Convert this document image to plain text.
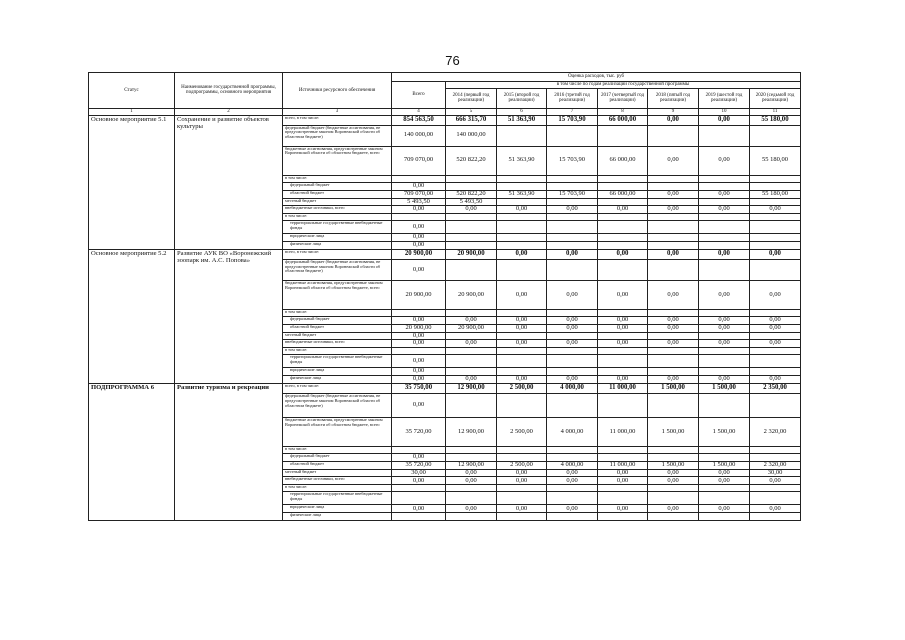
76
Статус	Наименование государственной программы, подпрограммы, основного мероприятия	Источники ресурсного обеспечения	Оценка расходов, тыс. руб							
			Всего	в том числе по годам реализации государственной программы						
				2014 (первый год реализации)	2015 (второй год реализации)	2016 (третий год реализации)	2017 (четвертый год реализации)	2018 (пятый год реализации)	2019 (шестой год реализации)	2020 (седьмой год реализации)
1	2	3	4	5	6	7	8	9	10	11
Основное мероприятие 5.1	Сохранение и развитие объектов культуры	всего, в том числе:	854 563,50	666 315,70	51 363,90	15 703,90	66 000,00	0,00	0,00	55 180,00
		федеральный бюджет (бюджетные ассигнования, не предусмотренные законом Воронежской области об областном бюджете)	140 000,00	140 000,00						
		бюджетные ассигнования, предусмотренные законом Воронежской области об областном бюджете, всего	709 070,00	520 822,20	51 363,90	15 703,90	66 000,00	0,00	0,00	55 180,00
		в том числе:								
		федеральный бюджет	0,00							
		областной бюджет	709 070,00	520 822,20	51 363,90	15 703,90	66 000,00	0,00	0,00	55 180,00
		местный бюджет	5 493,50	5 493,50						
		внебюджетные источники, всего	0,00	0,00	0,00	0,00	0,00	0,00	0,00	0,00
		в том числе:								
		территориальные государственные внебюджетные фонды	0,00							
		юридические лица	0,00							
		физические лица	0,00							
Основное мероприятие 5.2	Развитие АУК ВО «Воронежский зоопарк им. А.С. Попова»	всего, в том числе:	20 900,00	20 900,00	0,00	0,00	0,00	0,00	0,00	0,00
		федеральный бюджет (бюджетные ассигнования, не предусмотренные законом Воронежской области об областном бюджете)	0,00							
		бюджетные ассигнования, предусмотренные законом Воронежской области об областном бюджете, всего	20 900,00	20 900,00	0,00	0,00	0,00	0,00	0,00	0,00
		в том числе:								
		федеральный бюджет	0,00	0,00	0,00	0,00	0,00	0,00	0,00	0,00
		областной бюджет	20 900,00	20 900,00	0,00	0,00	0,00	0,00	0,00	0,00
		местный бюджет	0,00							
		внебюджетные источники, всего	0,00	0,00	0,00	0,00	0,00	0,00	0,00	0,00
		в том числе:								
		территориальные государственные внебюджетные фонды	0,00							
		юридические лица	0,00							
		физические лица	0,00	0,00	0,00	0,00	0,00	0,00	0,00	0,00
ПОДПРОГРАММА 6	Развитие туризма и рекреации	всего, в том числе:	35 750,00	12 900,00	2 500,00	4 000,00	11 000,00	1 500,00	1 500,00	2 350,00
		федеральный бюджет (бюджетные ассигнования, не предусмотренные законом Воронежской области об областном бюджете)	0,00							
		бюджетные ассигнования, предусмотренные законом Воронежской области об областном бюджете, всего	35 720,00	12 900,00	2 500,00	4 000,00	11 000,00	1 500,00	1 500,00	2 320,00
		в том числе:								
		федеральный бюджет	0,00							
		областной бюджет	35 720,00	12 900,00	2 500,00	4 000,00	11 000,00	1 500,00	1 500,00	2 320,00
		местный бюджет	30,00	0,00	0,00	0,00	0,00	0,00	0,00	30,00
		внебюджетные источники, всего	0,00	0,00	0,00	0,00	0,00	0,00	0,00	0,00
		в том числе:								
		территориальные государственные внебюджетные фонды								
		юридические лица	0,00	0,00	0,00	0,00	0,00	0,00	0,00	0,00
		физические лица								
